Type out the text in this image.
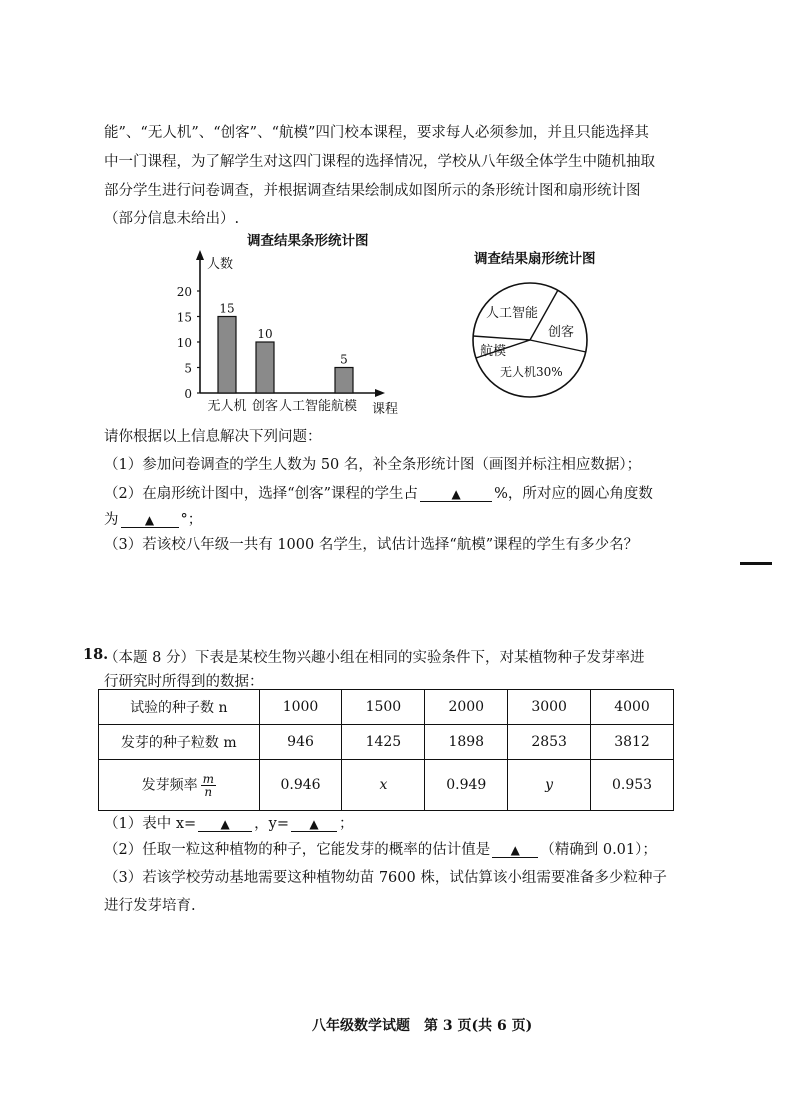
能”、“无人机”、“创客”、“航模”四门校本课程，要求每人必须参加，并且只能选择其
中一门课程，为了解学生对这四门课程的选择情况，学校从八年级全体学生中随机抽取
部分学生进行问卷调查，并根据调查结果绘制成如图所示的条形统计图和扇形统计图
（部分信息未给出）.
调查结果条形统计图
人数
课程
0
5
10
15
20
15
无人机
10
创客 人工智能
5
航模
调查结果扇形统计图
人工智能
创客
航模
无人机30%
请你根据以上信息解决下列问题：
（1）参加问卷调查的学生人数为 50 名，补全条形统计图（画图并标注相应数据）；
（2）在扇形统计图中，选择“创客”课程的学生占	▲ %，所对应的圆心角度数
为 ▲ °；
（3）若该校八年级一共有 1000 名学生，试估计选择“航模”课程的学生有多少名？
18.
（本题 8 分）下表是某校生物兴趣小组在相同的实验条件下，对某植物种子发芽率进
行研究时所得到的数据：
试验的种子数 n	1000	1500	2000	3000	4000
发芽的种子粒数 m	946	1425	1898	2853	3812
发芽频率 $\frac{m}{n}$	0.946	x	0.949	y	0.953
（1）表中 x= ▲ ，y= ▲ ；
（2）任取一粒这种植物的种子，它能发芽的概率的估计值是 ▲ （精确到 0.01）；
（3）若该学校劳动基地需要这种植物幼苗 7600 株，试估算该小组需要准备多少粒种子
进行发芽培育.
八年级数学试题　第 3 页(共 6 页)
